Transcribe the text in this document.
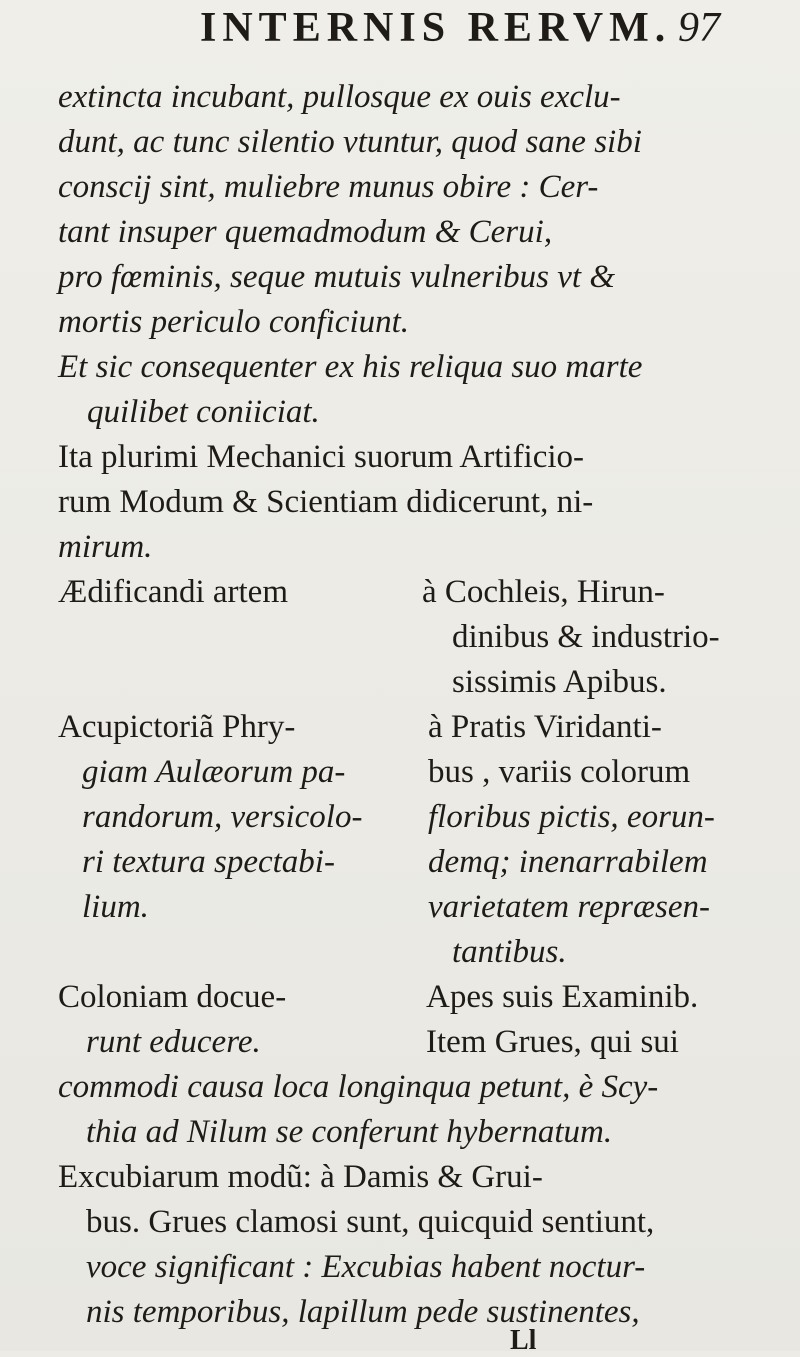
INTERNIS RERVM. 97
extincta incubant, pullosque ex ouis exclu-
dunt, ac tunc silentio vtuntur, quod sane sibi
conscij sint, muliebre munus obire : Cer-
tant insuper quemadmodum & Cerui,
pro fœminis, seque mutuis vulneribus vt &
mortis periculo conficiunt.
Et sic consequenter ex his reliqua suo marte
quilibet coniiciat.
Ita plurimi Mechanici suorum Artificio-
rum Modum & Scientiam didicerunt, ni-
mirum.
Ædificandi artem	à Cochleis, Hirun-
dinibus & industrio-
sissimis Apibus.
Acupictoriã Phry-	à Pratis Viridanti-
giam Aulæorum pa-	bus , variis colorum
randorum, versicolo- floribus pictis, eorun-
ri textura spectabi-	demq; inenarrabilem
lium.	varietatem repræsen-
tantibus.
Coloniam docue-	Apes suis Examinib.
runt educere.	Item Grues, qui sui
commodi causa loca longinqua petunt, è Scy-
thia ad Nilum se conferunt hybernatum.
Excubiarum modũ: à Damis & Grui-
bus. Grues clamosi sunt, quicquid sentiunt,
voce significant : Excubias habent noctur-
nis temporibus, lapillum pede sustinentes,
Ll
